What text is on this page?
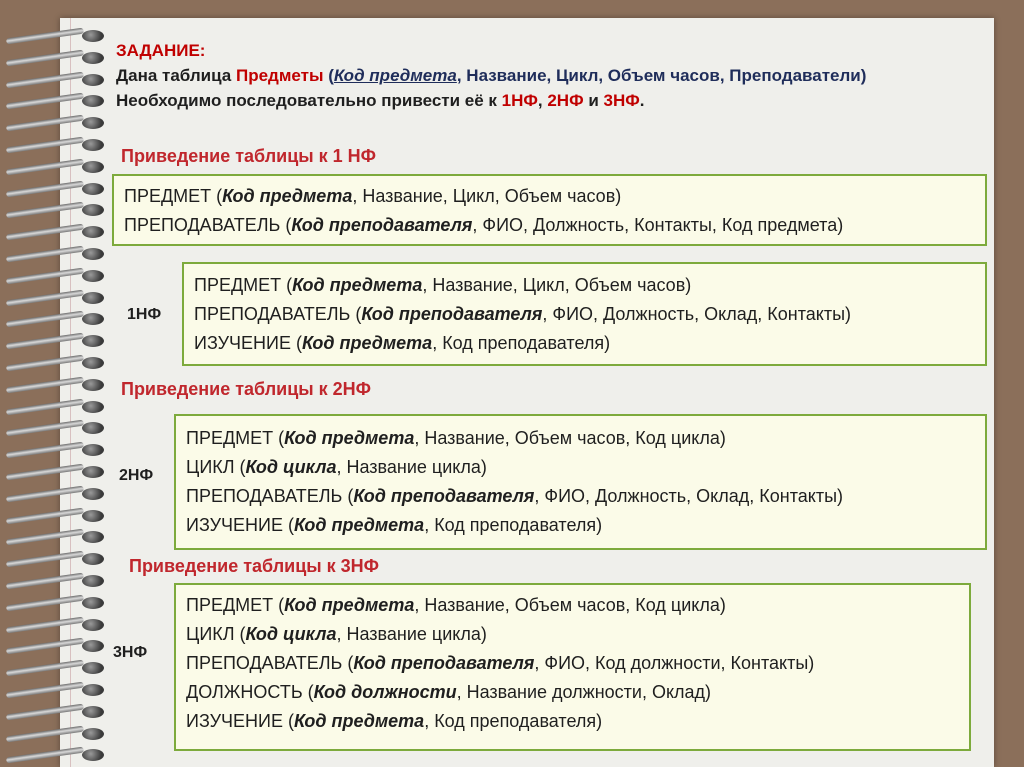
ЗАДАНИЕ:
Дана таблица Предметы (Код предмета, Название, Цикл, Объем часов, Преподаватели)
Необходимо последовательно привести её к 1НФ, 2НФ и 3НФ.
Приведение таблицы к 1 НФ
ПРЕДМЕТ (Код предмета, Название, Цикл, Объем часов)
ПРЕПОДАВАТЕЛЬ (Код преподавателя, ФИО, Должность, Контакты, Код предмета)
1НФ
ПРЕДМЕТ (Код предмета, Название, Цикл, Объем часов)
ПРЕПОДАВАТЕЛЬ (Код преподавателя, ФИО, Должность, Оклад, Контакты)
ИЗУЧЕНИЕ (Код предмета, Код преподавателя)
Приведение таблицы к 2НФ
2НФ
ПРЕДМЕТ (Код предмета, Название, Объем часов, Код цикла)
ЦИКЛ (Код цикла, Название цикла)
ПРЕПОДАВАТЕЛЬ (Код преподавателя, ФИО, Должность, Оклад, Контакты)
ИЗУЧЕНИЕ (Код предмета, Код преподавателя)
Приведение таблицы к 3НФ
3НФ
ПРЕДМЕТ (Код предмета, Название, Объем часов, Код цикла)
ЦИКЛ (Код цикла, Название цикла)
ПРЕПОДАВАТЕЛЬ (Код преподавателя, ФИО, Код должности, Контакты)
ДОЛЖНОСТЬ (Код должности, Название должности, Оклад)
ИЗУЧЕНИЕ (Код предмета, Код преподавателя)
